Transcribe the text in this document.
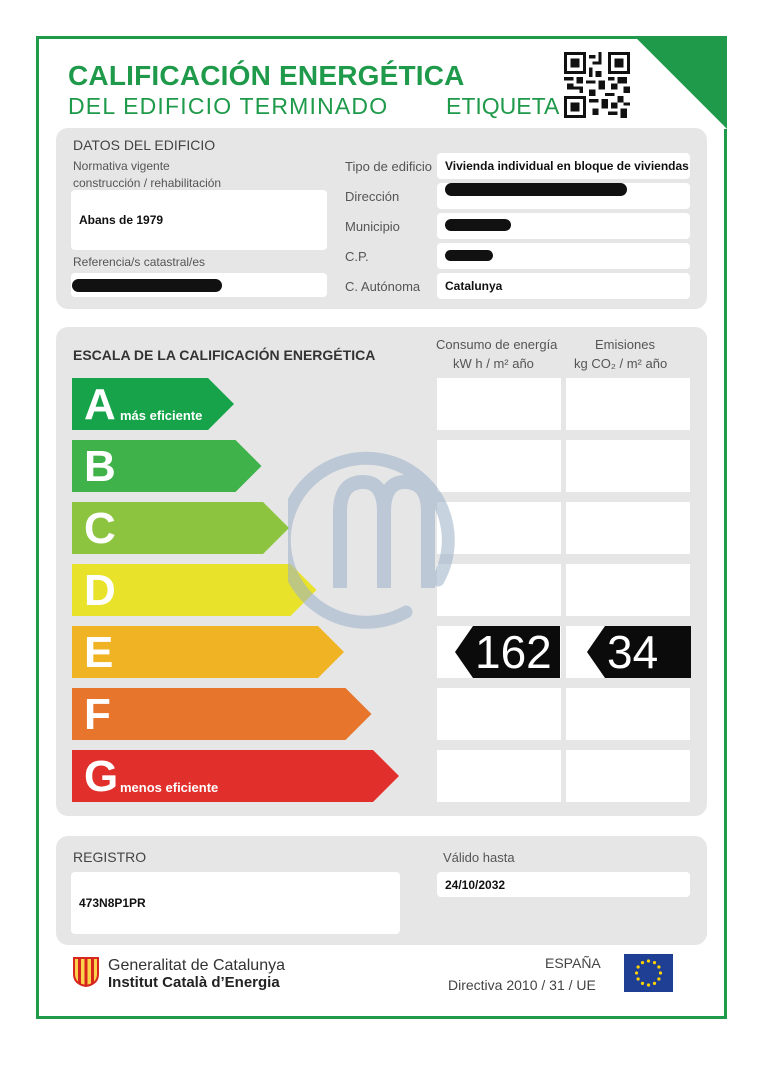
CALIFICACIÓN ENERGÉTICA
DEL EDIFICIO TERMINADO	ETIQUETA
DATOS DEL EDIFICIO
Normativa vigente
construcción / rehabilitación
Abans de 1979
Referencia/s catastral/es
Tipo de edificio	Vivienda individual en bloque de viviendas
Dirección
Municipio
C.P.
C. Autónoma	Catalunya
ESCALA DE LA CALIFICACIÓN ENERGÉTICA
Consumo de energía
kW h / m² año
Emisiones
kg CO₂ / m² año
A más eficiente
B
C
D
E	162 34
F
G menos eficiente
REGISTRO
473N8P1PR
Válido hasta
24/10/2032
Generalitat de Catalunya
Institut Català d’Energia
ESPAÑA
Directiva 2010 / 31 / UE
